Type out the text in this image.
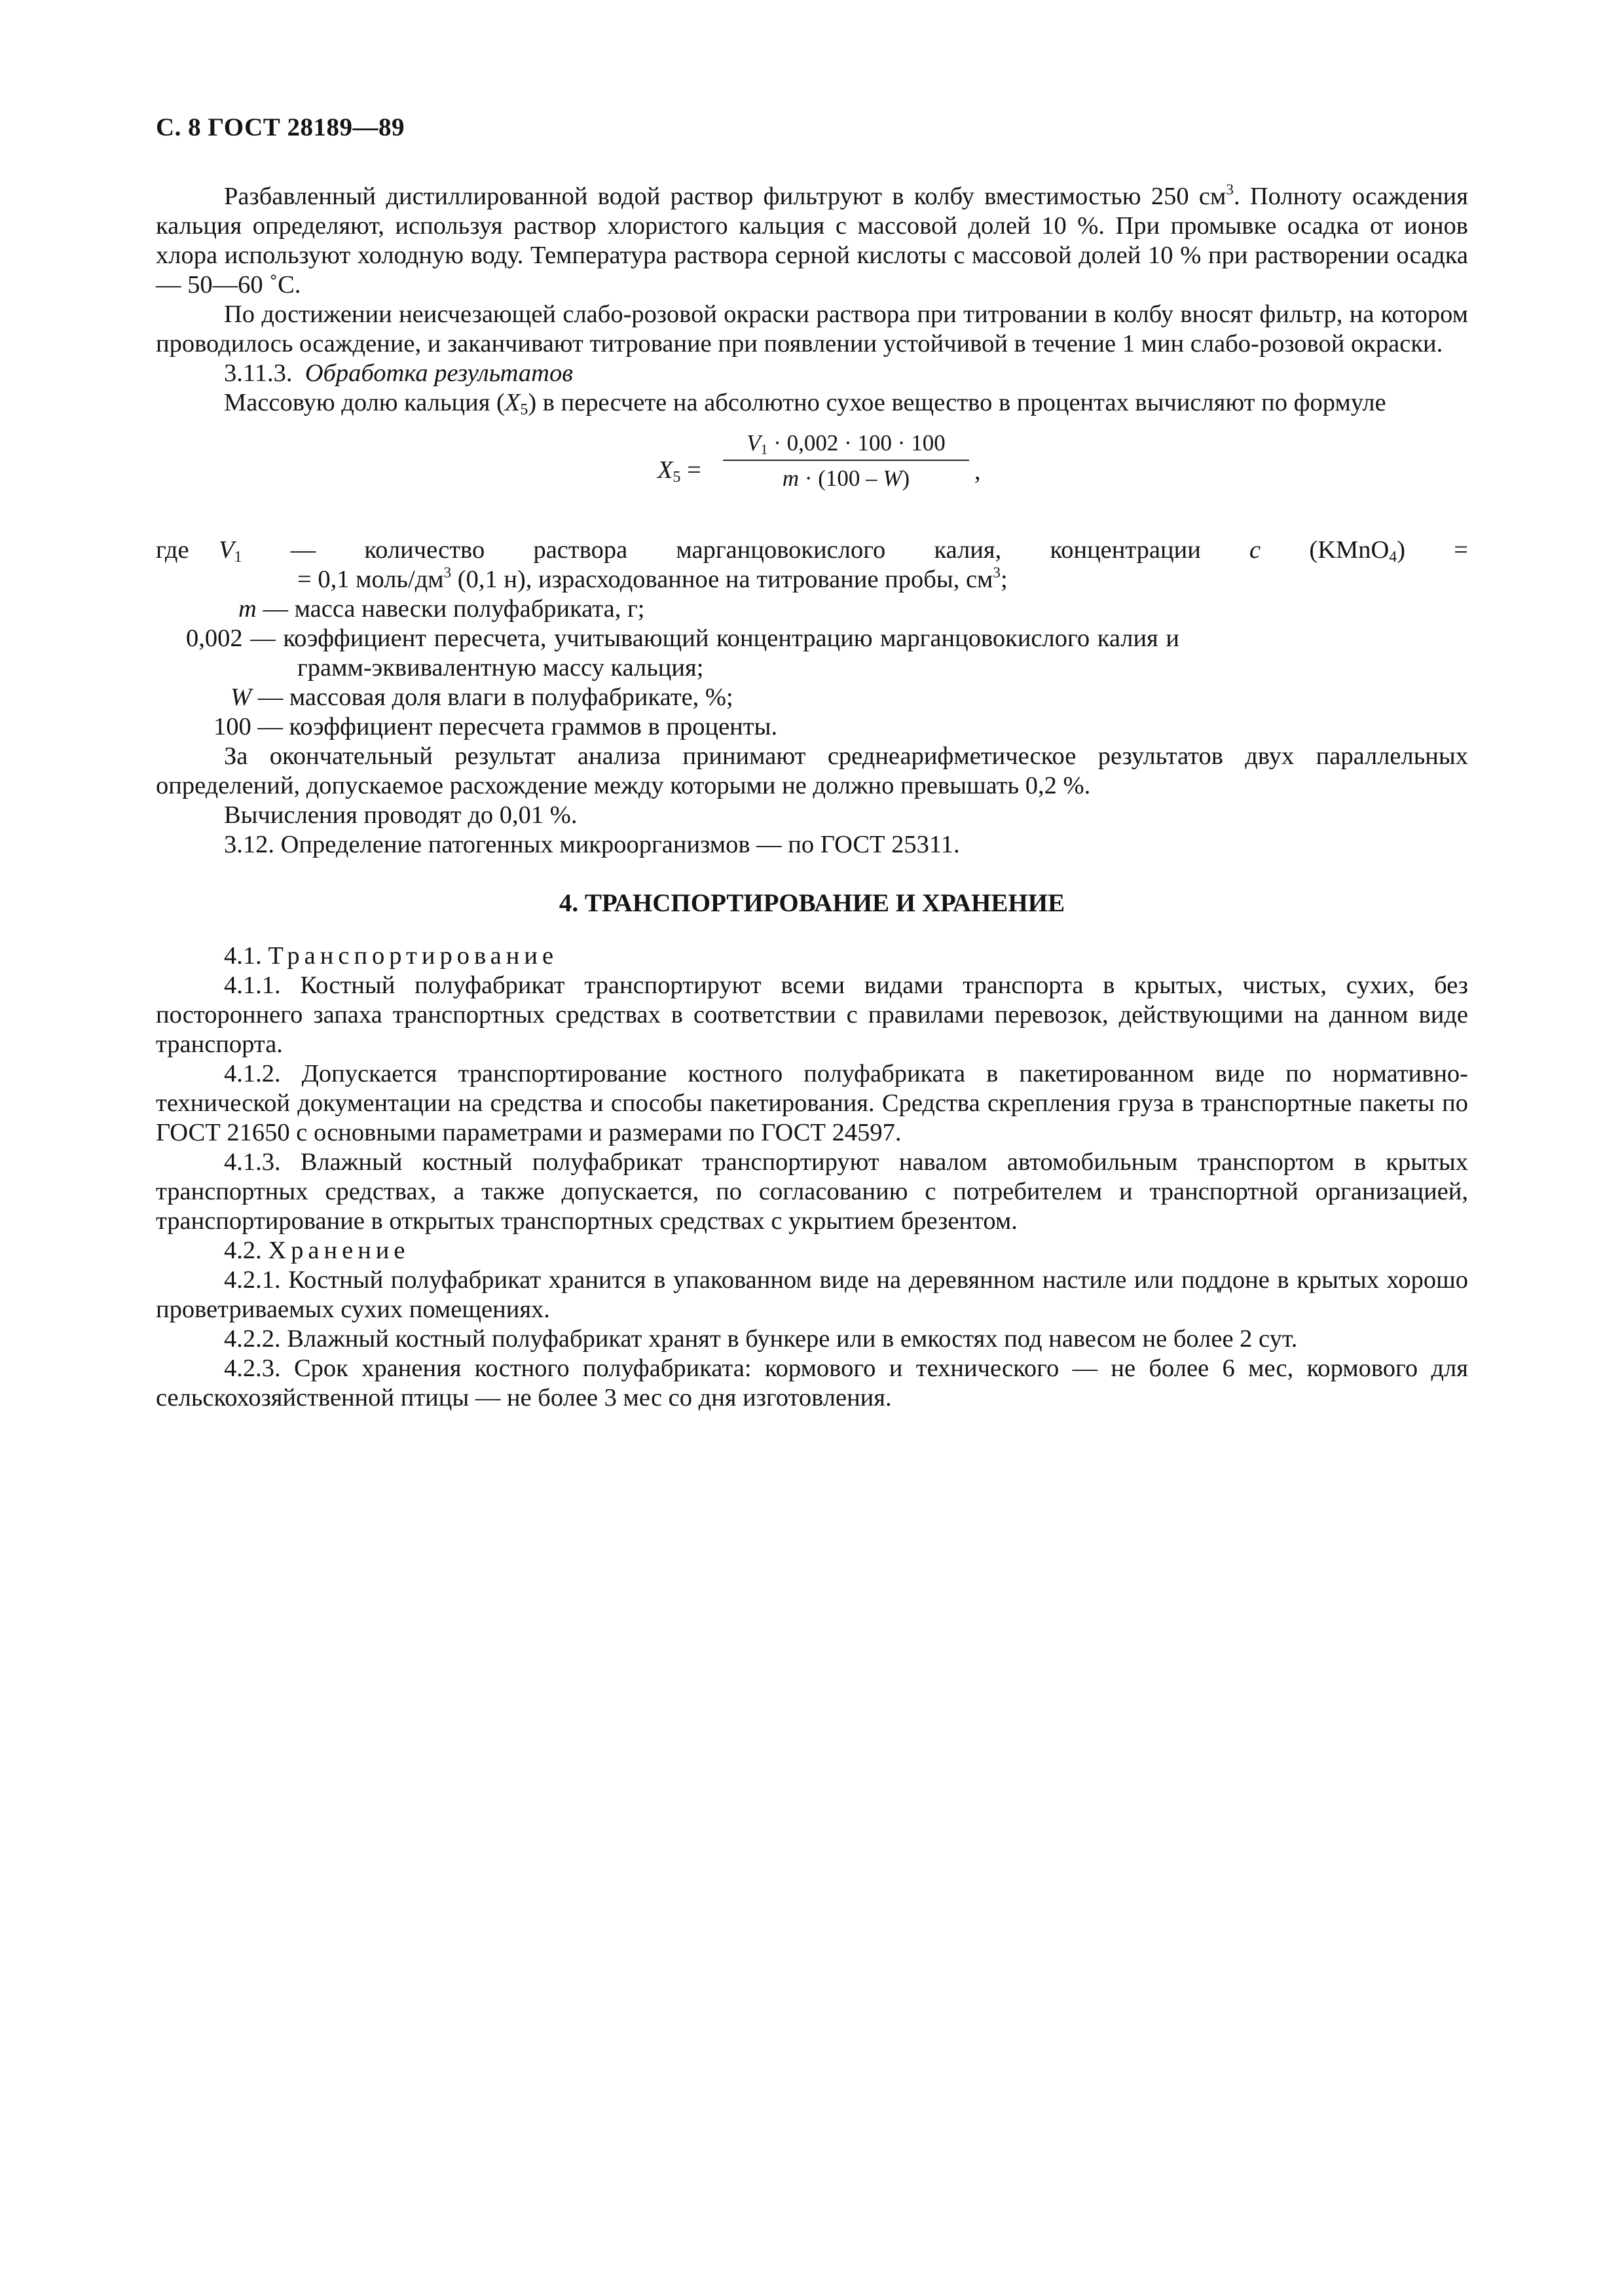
С. 8 ГОСТ 28189—89

Разбавленный дистиллированной водой раствор фильтруют в колбу вместимостью 250 $см^3$. Полноту осаждения кальция определяют, используя раствор хлористого кальция с массовой долей 10 %. При промывке осадка от ионов хлора используют холодную воду. Температура раствора серной кислоты с массовой долей 10 % при растворении осадка — 50—60 ˚С.

По достижении неисчезающей слабо-розовой окраски раствора при титровании в колбу вносят фильтр, на котором проводилось осаждение, и заканчивают титрование при появлении устойчивой в течение 1 мин слабо-розовой окраски.

3.11.3. Обработка результатов

Массовую долю кальция $(X_5)$ в пересчете на абсолютно сухое вещество в процентах вычисляют по формуле

$X_5$ =
$V_1 \cdot 0,002 \cdot 100 \cdot 100$
m · (100 – W)	,

где $V_1$ — количество раствора марганцовокислого калия, концентрации c (KMnO$_4$) =

= 0,1 моль/$дм^3$ (0,1 н), израсходованное на титрование пробы, $см^3$;

m — масса навески полуфабриката, г;

0,002 — коэффициент пересчета, учитывающий концентрацию марганцовокислого калия и

грамм-эквивалентную массу кальция;

W — массовая доля влаги в полуфабрикате, %;

100 — коэффициент пересчета граммов в проценты.

За окончательный результат анализа принимают среднеарифметическое результатов двух параллельных определений, допускаемое расхождение между которыми не должно превышать 0,2 %.

Вычисления проводят до 0,01 %.

3.12. Определение патогенных микроорганизмов — по ГОСТ 25311.

4. ТРАНСПОРТИРОВАНИЕ И ХРАНЕНИЕ

4.1. Транспортирование

4.1.1. Костный полуфабрикат транспортируют всеми видами транспорта в крытых, чистых, сухих, без постороннего запаха транспортных средствах в соответствии с правилами перевозок, действующими на данном виде транспорта.

4.1.2. Допускается транспортирование костного полуфабриката в пакетированном виде по нормативно-технической документации на средства и способы пакетирования. Средства скрепления груза в транспортные пакеты по ГОСТ 21650 с основными параметрами и размерами по ГОСТ 24597.

4.1.3. Влажный костный полуфабрикат транспортируют навалом автомобильным транспортом в крытых транспортных средствах, а также допускается, по согласованию с потребителем и транспортной организацией, транспортирование в открытых транспортных средствах с укрытием брезентом.

4.2. Хранение

4.2.1. Костный полуфабрикат хранится в упакованном виде на деревянном настиле или поддоне в крытых хорошо проветриваемых сухих помещениях.

4.2.2. Влажный костный полуфабрикат хранят в бункере или в емкостях под навесом не более 2 сут.

4.2.3. Срок хранения костного полуфабриката: кормового и технического — не более 6 мес, кормового для сельскохозяйственной птицы — не более 3 мес со дня изготовления.
